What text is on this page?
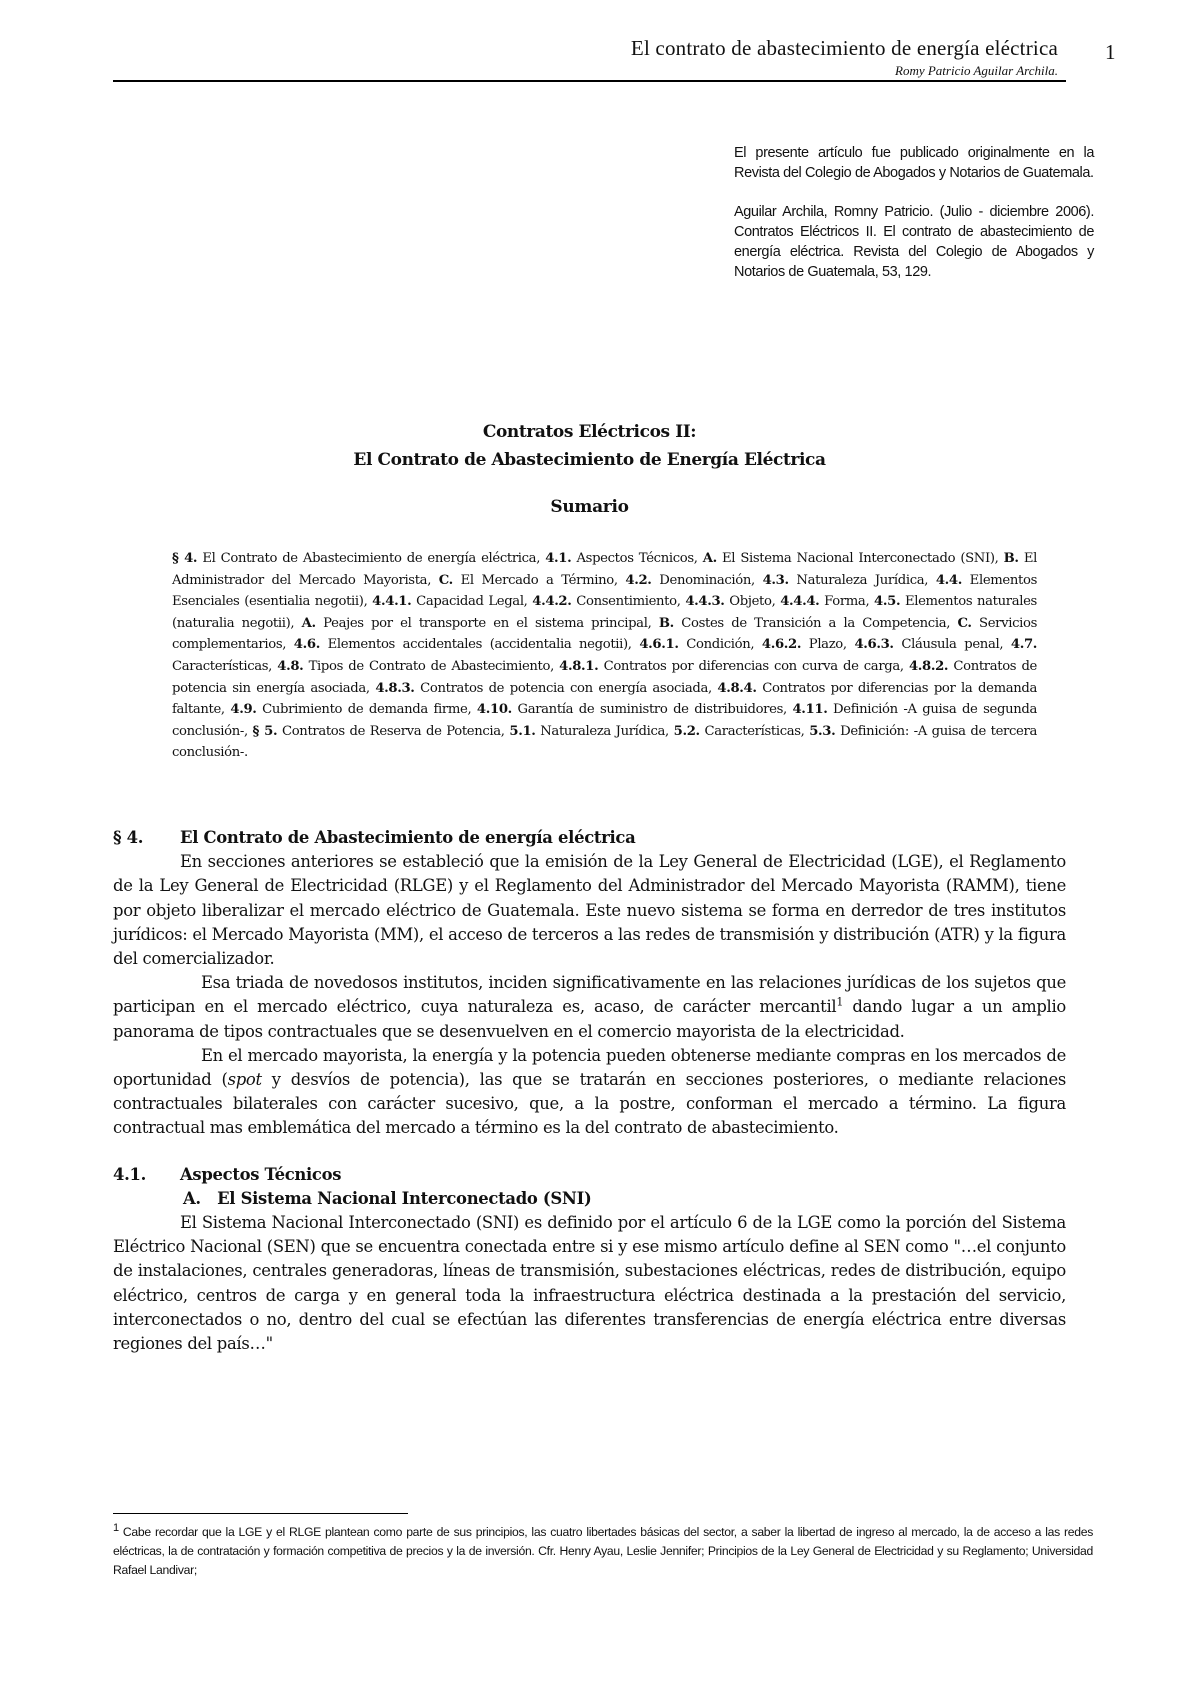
El contrato de abastecimiento de energía eléctrica
Romy Patricio Aguilar Archila.
1

El presente artículo fue publicado originalmente en la Revista del Colegio de Abogados y Notarios de Guatemala.

Aguilar Archila, Romny Patricio. (Julio - diciembre 2006). Contratos Eléctricos II. El contrato de abastecimiento de energía eléctrica. Revista del Colegio de Abogados y Notarios de Guatemala, 53, 129.

Contratos Eléctricos II:
El Contrato de Abastecimiento de Energía Eléctrica
Sumario

§ 4. El Contrato de Abastecimiento de energía eléctrica, 4.1. Aspectos Técnicos, A. El Sistema Nacional Interconectado (SNI), B. El Administrador del Mercado Mayorista, C. El Mercado a Término, 4.2. Denominación, 4.3. Naturaleza Jurídica, 4.4. Elementos Esenciales (esentialia negotii), 4.4.1. Capacidad Legal, 4.4.2. Consentimiento, 4.4.3. Objeto, 4.4.4. Forma, 4.5. Elementos naturales (naturalia negotii), A. Peajes por el transporte en el sistema principal, B. Costes de Transición a la Competencia, C. Servicios complementarios, 4.6. Elementos accidentales (accidentalia negotii), 4.6.1. Condición, 4.6.2. Plazo, 4.6.3. Cláusula penal, 4.7. Características, 4.8. Tipos de Contrato de Abastecimiento, 4.8.1. Contratos por diferencias con curva de carga, 4.8.2. Contratos de potencia sin energía asociada, 4.8.3. Contratos de potencia con energía asociada, 4.8.4. Contratos por diferencias por la demanda faltante, 4.9. Cubrimiento de demanda firme, 4.10. Garantía de suministro de distribuidores, 4.11. Definición -A guisa de segunda conclusión-, § 5. Contratos de Reserva de Potencia, 5.1. Naturaleza Jurídica, 5.2. Características, 5.3. Definición: -A guisa de tercera conclusión-.

§ 4. El Contrato de Abastecimiento de energía eléctrica

En secciones anteriores se estableció que la emisión de la Ley General de Electricidad (LGE), el Reglamento de la Ley General de Electricidad (RLGE) y el Reglamento del Administrador del Mercado Mayorista (RAMM), tiene por objeto liberalizar el mercado eléctrico de Guatemala. Este nuevo sistema se forma en derredor de tres institutos jurídicos: el Mercado Mayorista (MM), el acceso de terceros a las redes de transmisión y distribución (ATR) y la figura del comercializador.

Esa triada de novedosos institutos, inciden significativamente en las relaciones jurídicas de los sujetos que participan en el mercado eléctrico, cuya naturaleza es, acaso, de carácter mercantil$^1$ dando lugar a un amplio panorama de tipos contractuales que se desenvuelven en el comercio mayorista de la electricidad.

En el mercado mayorista, la energía y la potencia pueden obtenerse mediante compras en los mercados de oportunidad (spot y desvíos de potencia), las que se tratarán en secciones posteriores, o mediante relaciones contractuales bilaterales con carácter sucesivo, que, a la postre, conforman el mercado a término. La figura contractual mas emblemática del mercado a término es la del contrato de abastecimiento.

4.1. Aspectos Técnicos
A. El Sistema Nacional Interconectado (SNI)

El Sistema Nacional Interconectado (SNI) es definido por el artículo 6 de la LGE como la porción del Sistema Eléctrico Nacional (SEN) que se encuentra conectada entre si y ese mismo artículo define al SEN como "…el conjunto de instalaciones, centrales generadoras, líneas de transmisión, subestaciones eléctricas, redes de distribución, equipo eléctrico, centros de carga y en general toda la infraestructura eléctrica destinada a la prestación del servicio, interconectados o no, dentro del cual se efectúan las diferentes transferencias de energía eléctrica entre diversas regiones del país…"

1 Cabe recordar que la LGE y el RLGE plantean como parte de sus principios, las cuatro libertades básicas del sector, a saber la libertad de ingreso al mercado, la de acceso a las redes eléctricas, la de contratación y formación competitiva de precios y la de inversión. Cfr. Henry Ayau, Leslie Jennifer; Principios de la Ley General de Electricidad y su Reglamento; Universidad Rafael Landivar;
